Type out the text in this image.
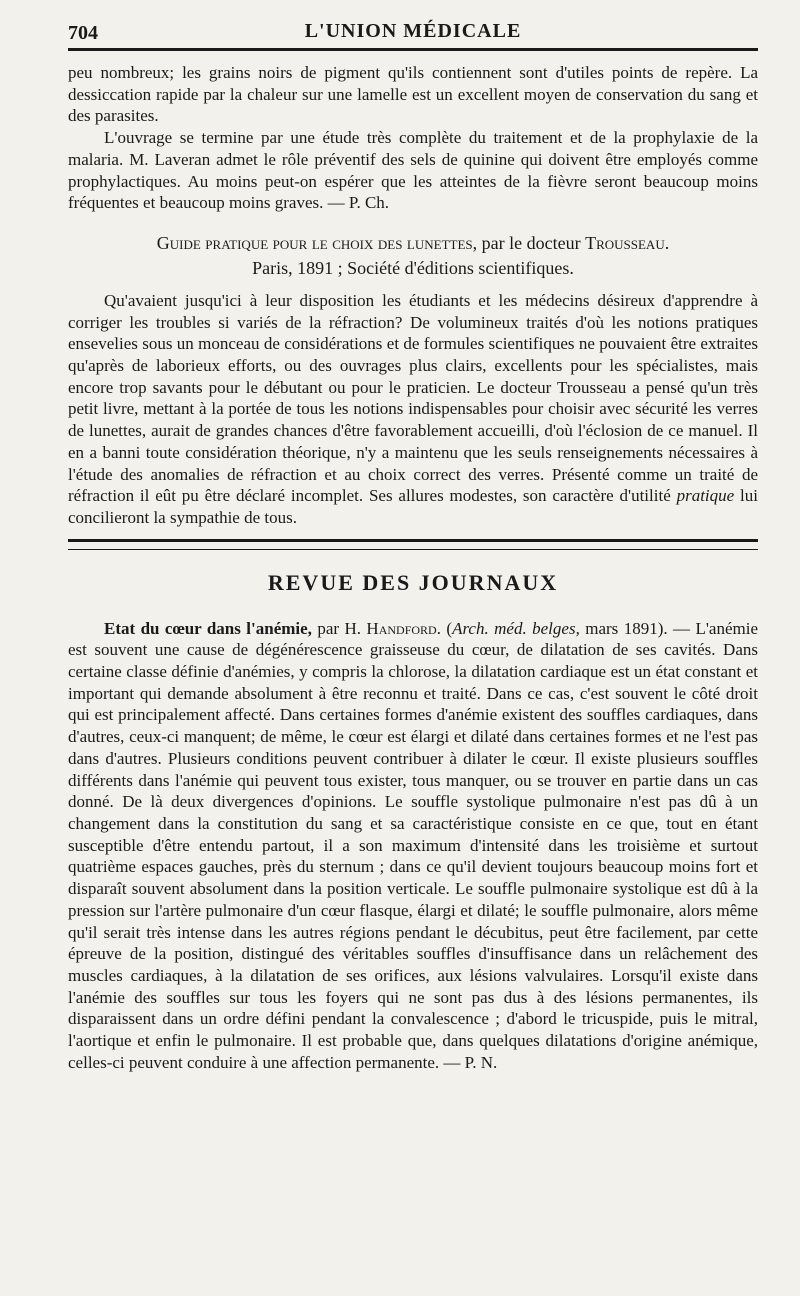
704	L'UNION MÉDICALE

peu nombreux; les grains noirs de pigment qu'ils contiennent sont d'utiles points de repère. La dessiccation rapide par la chaleur sur une lamelle est un excellent moyen de conservation du sang et des parasites.

L'ouvrage se termine par une étude très complète du traitement et de la prophylaxie de la malaria. M. Laveran admet le rôle préventif des sels de quinine qui doivent être employés comme prophylactiques. Au moins peut-on espérer que les atteintes de la fièvre seront beaucoup moins fréquentes et beaucoup moins graves. — P. Ch.

Guide pratique pour le choix des lunettes, par le docteur Trousseau.

Paris, 1891 ; Société d'éditions scientifiques.

Qu'avaient jusqu'ici à leur disposition les étudiants et les médecins désireux d'apprendre à corriger les troubles si variés de la réfraction? De volumineux traités d'où les notions pratiques ensevelies sous un monceau de considérations et de formules scientifiques ne pouvaient être extraites qu'après de laborieux efforts, ou des ouvrages plus clairs, excellents pour les spécialistes, mais encore trop savants pour le débutant ou pour le praticien. Le docteur Trousseau a pensé qu'un très petit livre, mettant à la portée de tous les notions indispensables pour choisir avec sécurité les verres de lunettes, aurait de grandes chances d'être favorablement accueilli, d'où l'éclosion de ce manuel. Il en a banni toute considération théorique, n'y a maintenu que les seuls renseignements nécessaires à l'étude des anomalies de réfraction et au choix correct des verres. Présenté comme un traité de réfraction il eût pu être déclaré incomplet. Ses allures modestes, son caractère d'utilité pratique lui concilieront la sympathie de tous.

REVUE DES JOURNAUX

Etat du cœur dans l'anémie, par H. Handford. (Arch. méd. belges, mars 1891). — L'anémie est souvent une cause de dégénérescence graisseuse du cœur, de dilatation de ses cavités. Dans certaine classe définie d'anémies, y compris la chlorose, la dilatation cardiaque est un état constant et important qui demande absolument à être reconnu et traité. Dans ce cas, c'est souvent le côté droit qui est principalement affecté. Dans certaines formes d'anémie existent des souffles cardiaques, dans d'autres, ceux-ci manquent; de même, le cœur est élargi et dilaté dans certaines formes et ne l'est pas dans d'autres. Plusieurs conditions peuvent contribuer à dilater le cœur. Il existe plusieurs souffles différents dans l'anémie qui peuvent tous exister, tous manquer, ou se trouver en partie dans un cas donné. De là deux divergences d'opinions. Le souffle systolique pulmonaire n'est pas dû à un changement dans la constitution du sang et sa caractéristique consiste en ce que, tout en étant susceptible d'être entendu partout, il a son maximum d'intensité dans les troisième et surtout quatrième espaces gauches, près du sternum ; dans ce qu'il devient toujours beaucoup moins fort et disparaît souvent absolument dans la position verticale. Le souffle pulmonaire systolique est dû à la pression sur l'artère pulmonaire d'un cœur flasque, élargi et dilaté; le souffle pulmonaire, alors même qu'il serait très intense dans les autres régions pendant le décubitus, peut être facilement, par cette épreuve de la position, distingué des véritables souffles d'insuffisance dans un relâchement des muscles cardiaques, à la dilatation de ses orifices, aux lésions valvulaires. Lorsqu'il existe dans l'anémie des souffles sur tous les foyers qui ne sont pas dus à des lésions permanentes, ils disparaissent dans un ordre défini pendant la convalescence ; d'abord le tricuspide, puis le mitral, l'aortique et enfin le pulmonaire. Il est probable que, dans quelques dilatations d'origine anémique, celles-ci peuvent conduire à une affection permanente. — P. N.
